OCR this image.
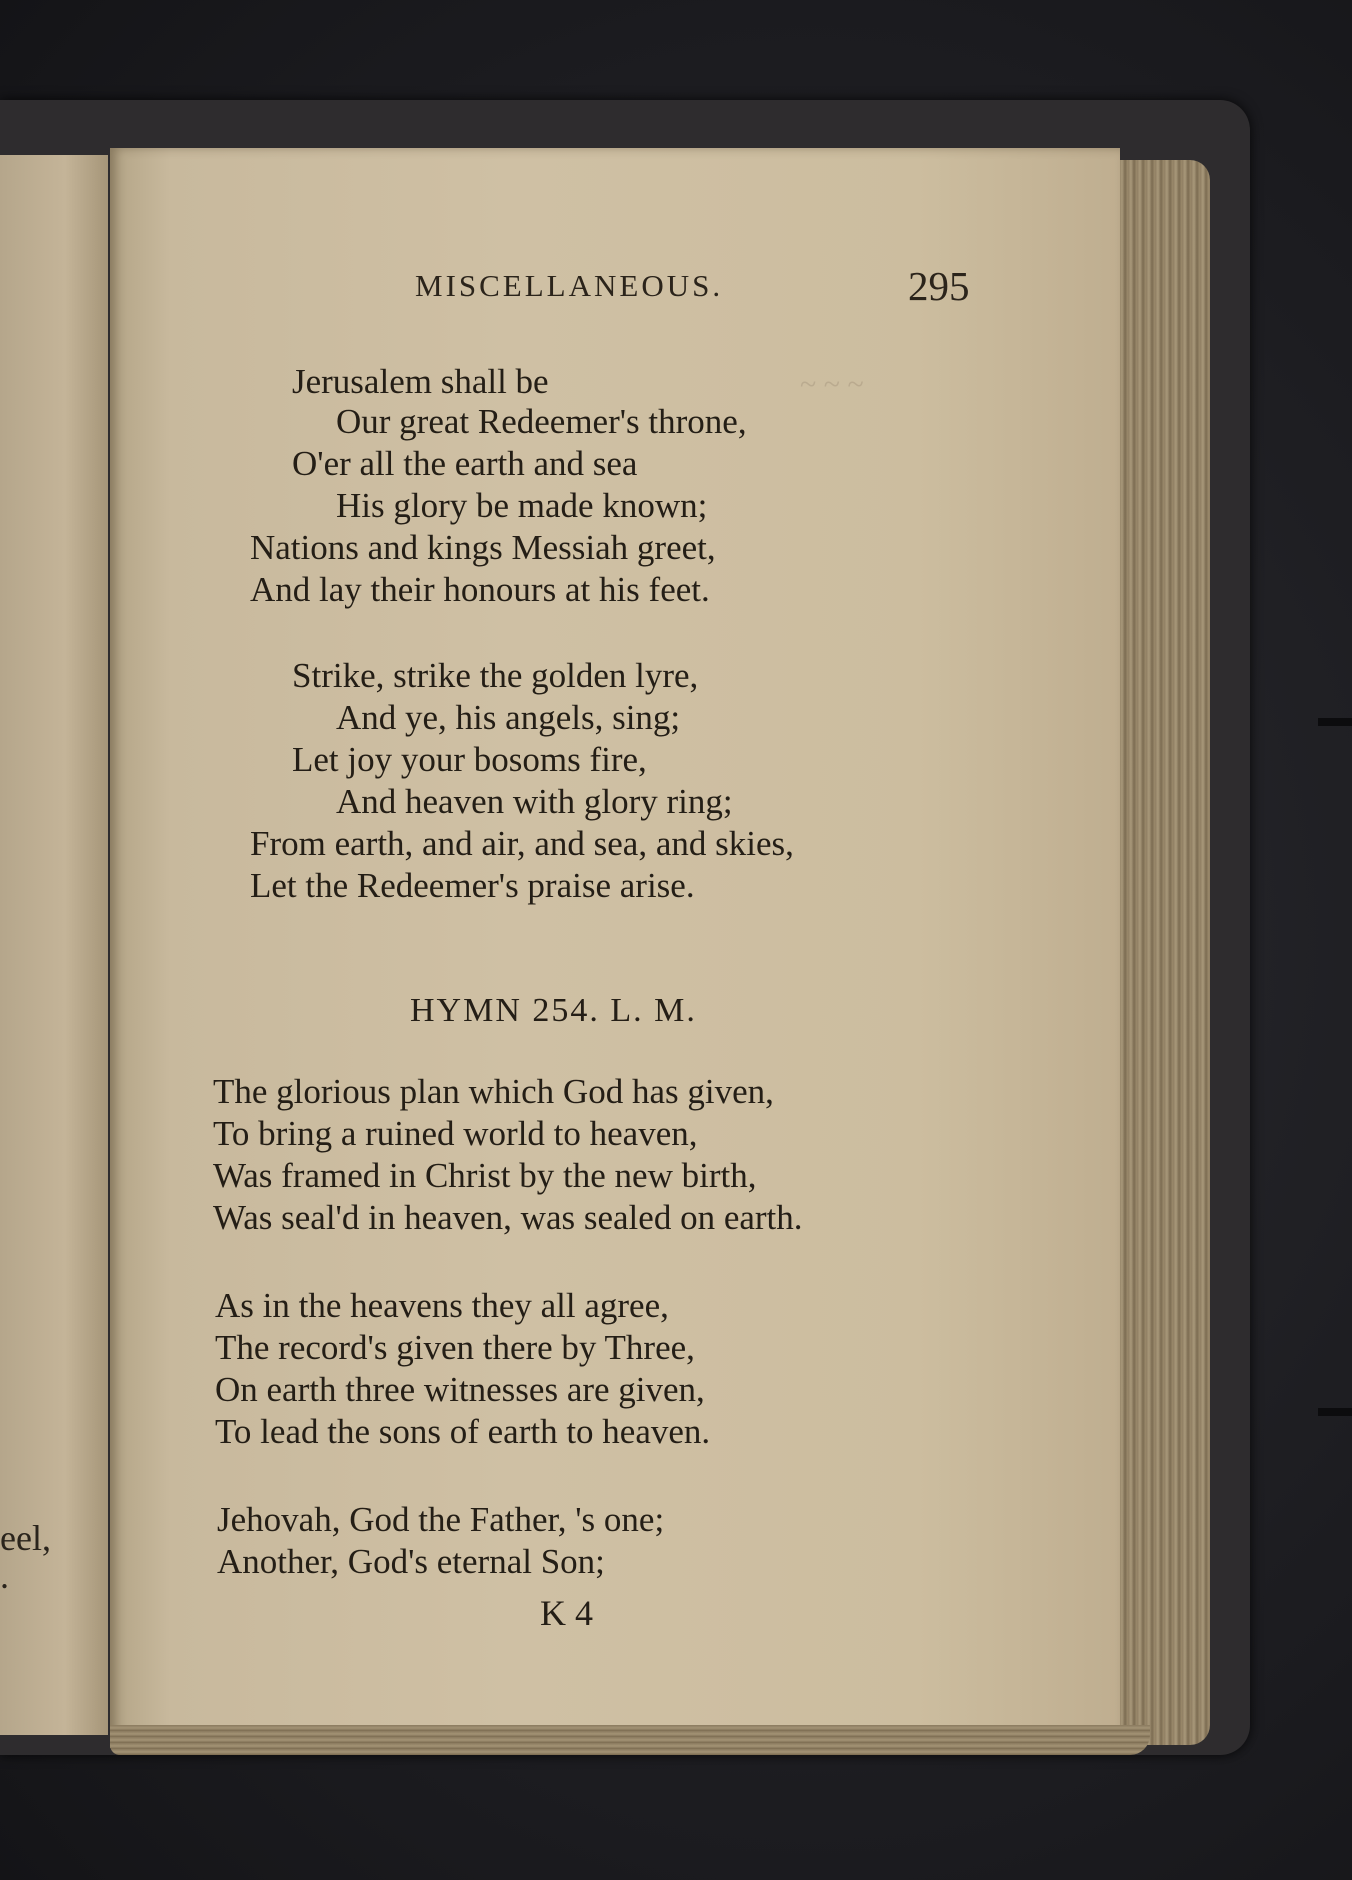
eel,
.
~ ~ ~
MISCELLANEOUS.	295
Jerusalem shall be
Our great Redeemer's throne,
O'er all the earth and sea
His glory be made known;
Nations and kings Messiah greet,
And lay their honours at his feet.
Strike, strike the golden lyre,
And ye, his angels, sing;
Let joy your bosoms fire,
And heaven with glory ring;
From earth, and air, and sea, and skies,
Let the Redeemer's praise arise.
HYMN 254. L. M.
The glorious plan which God has given,
To bring a ruined world to heaven,
Was framed in Christ by the new birth,
Was seal'd in heaven, was sealed on earth.
As in the heavens they all agree,
The record's given there by Three,
On earth three witnesses are given,
To lead the sons of earth to heaven.
Jehovah, God the Father, 's one;
Another, God's eternal Son;
K 4
